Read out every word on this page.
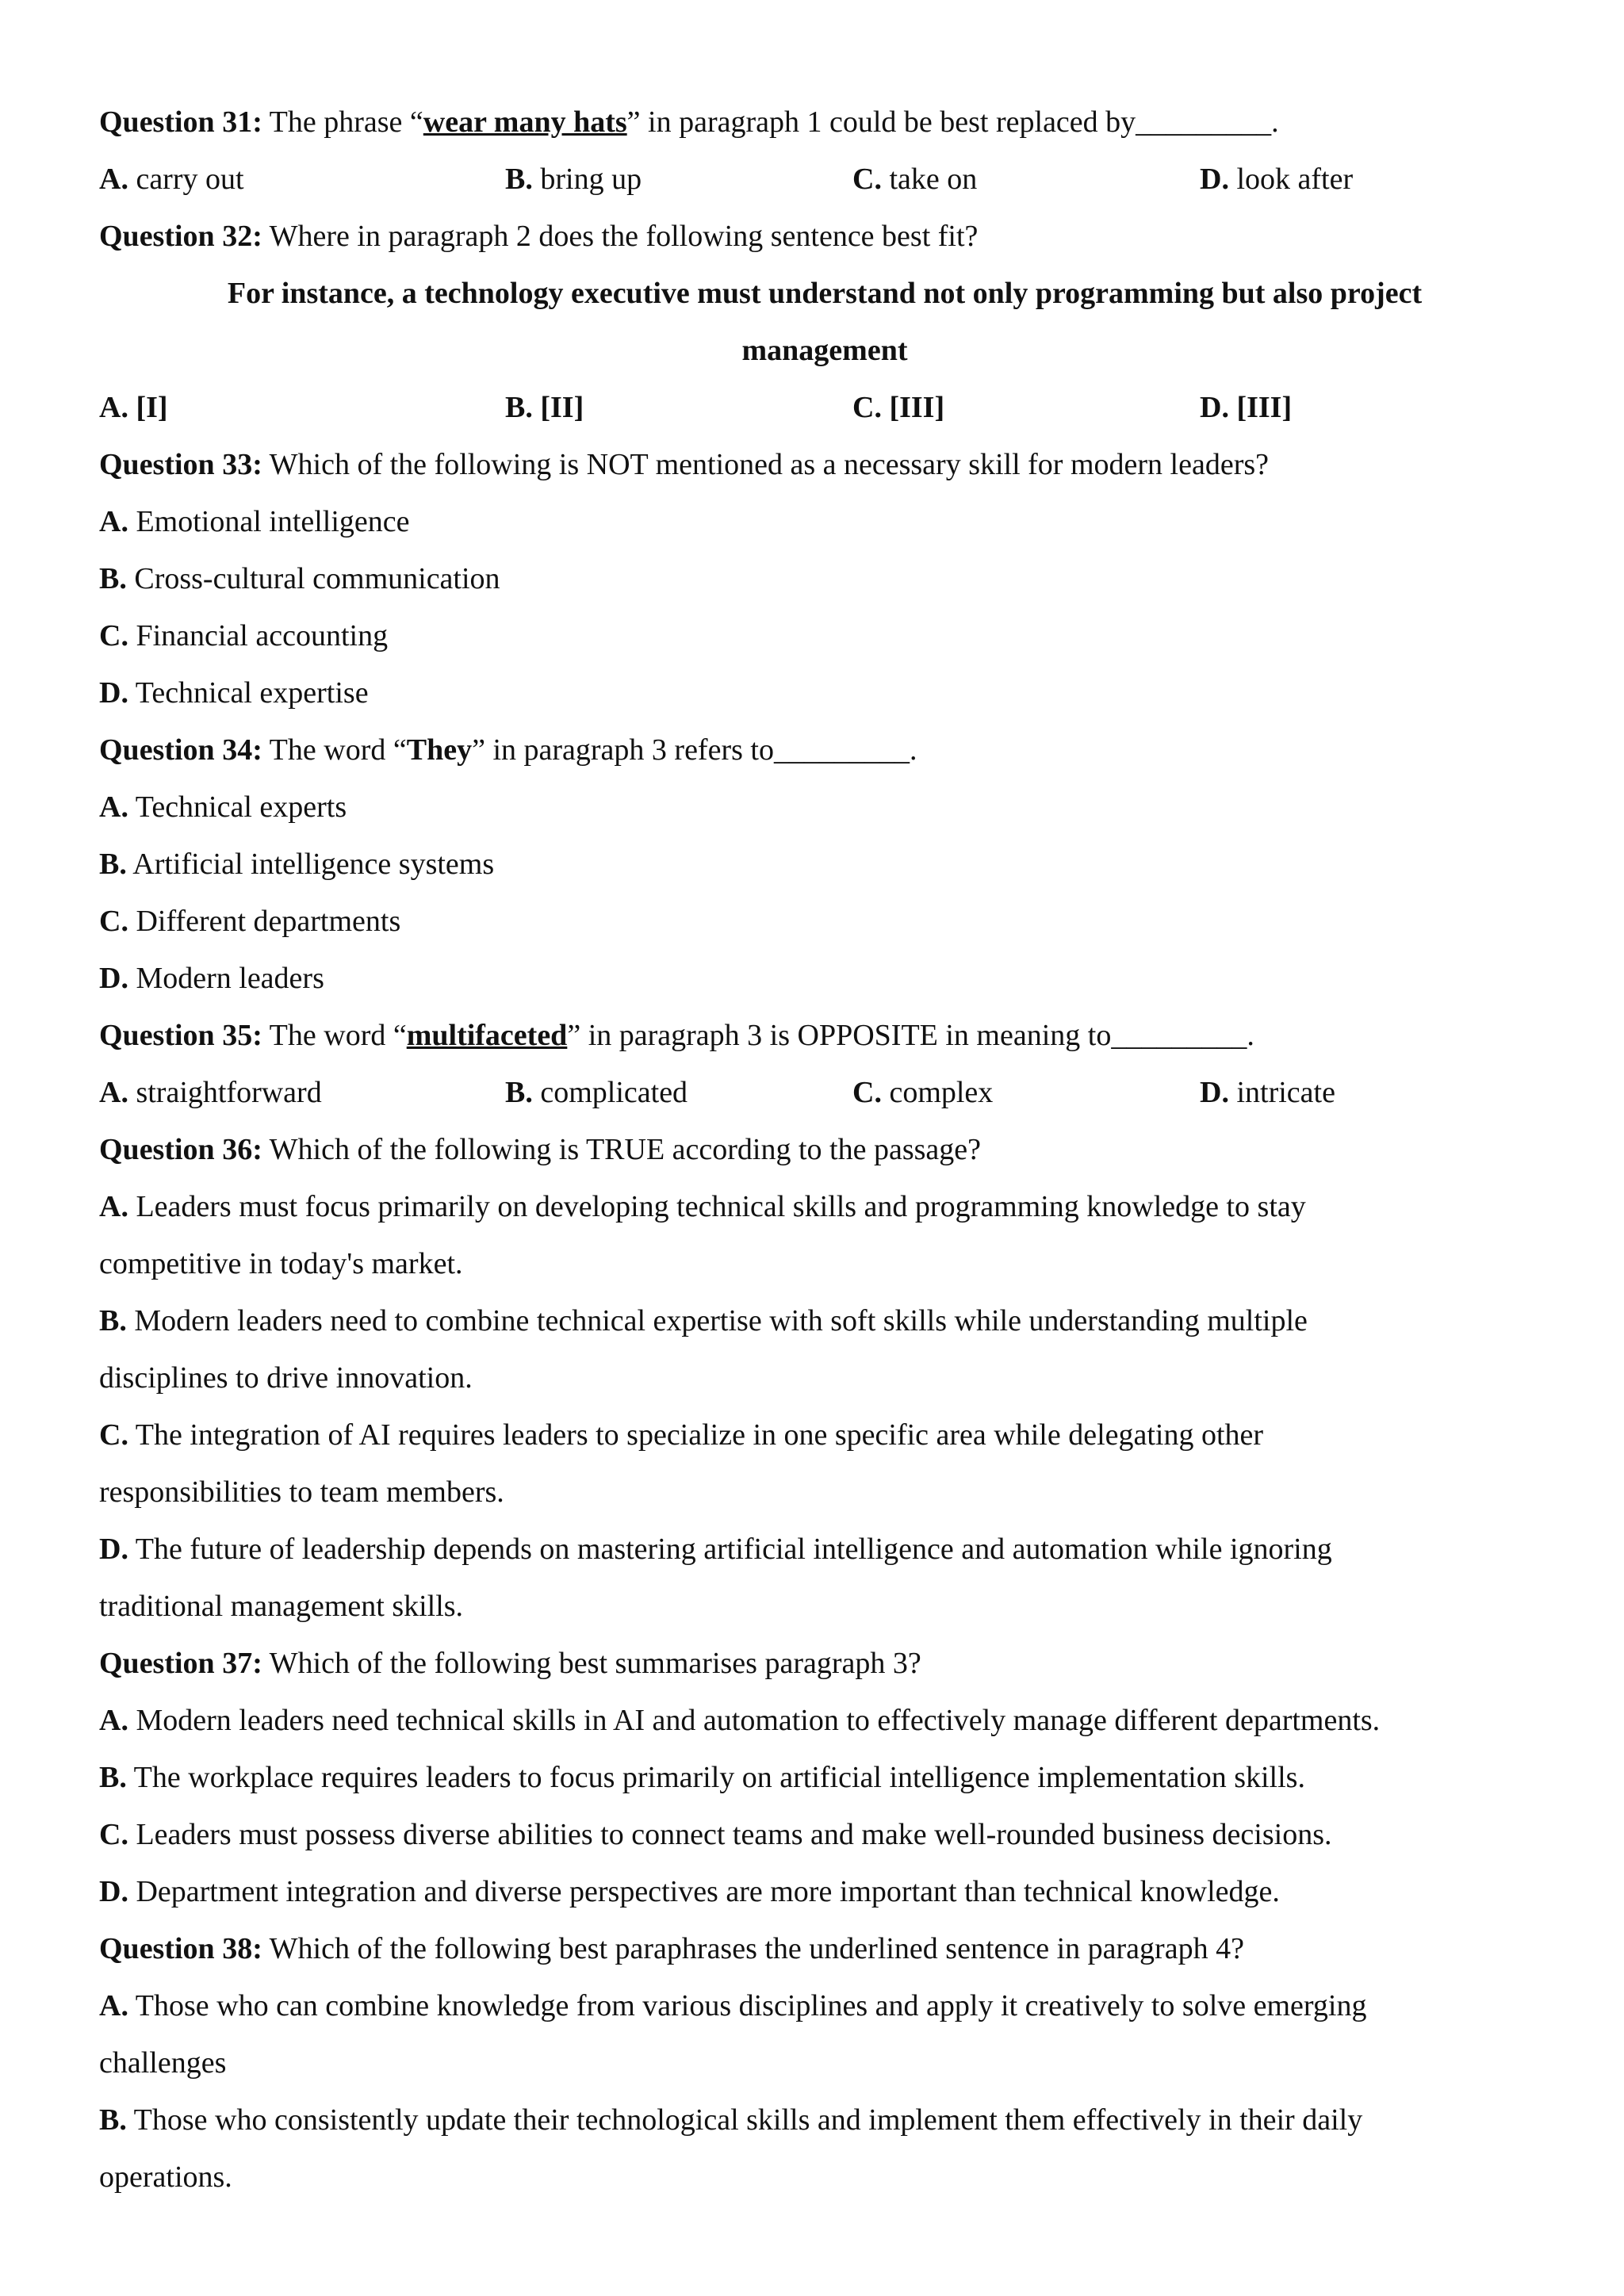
Question 31: The phrase “wear many hats” in paragraph 1 could be best replaced by_________.
A. carry out	B. bring up	C. take on	D. look after
Question 32: Where in paragraph 2 does the following sentence best fit?
For instance, a technology executive must understand not only programming but also project
management
A. [I]	B. [II]	C. [III]	D. [III]
Question 33: Which of the following is NOT mentioned as a necessary skill for modern leaders?
A. Emotional intelligence
B. Cross-cultural communication
C. Financial accounting
D. Technical expertise
Question 34: The word “They” in paragraph 3 refers to_________.
A. Technical experts
B. Artificial intelligence systems
C. Different departments
D. Modern leaders
Question 35: The word “multifaceted” in paragraph 3 is OPPOSITE in meaning to_________.
A. straightforward	B. complicated	C. complex	D. intricate
Question 36: Which of the following is TRUE according to the passage?
A. Leaders must focus primarily on developing technical skills and programming knowledge to stay
competitive in today's market.
B. Modern leaders need to combine technical expertise with soft skills while understanding multiple
disciplines to drive innovation.
C. The integration of AI requires leaders to specialize in one specific area while delegating other
responsibilities to team members.
D. The future of leadership depends on mastering artificial intelligence and automation while ignoring
traditional management skills.
Question 37: Which of the following best summarises paragraph 3?
A. Modern leaders need technical skills in AI and automation to effectively manage different departments.
B. The workplace requires leaders to focus primarily on artificial intelligence implementation skills.
C. Leaders must possess diverse abilities to connect teams and make well-rounded business decisions.
D. Department integration and diverse perspectives are more important than technical knowledge.
Question 38: Which of the following best paraphrases the underlined sentence in paragraph 4?
A. Those who can combine knowledge from various disciplines and apply it creatively to solve emerging
challenges
B. Those who consistently update their technological skills and implement them effectively in their daily
operations.
